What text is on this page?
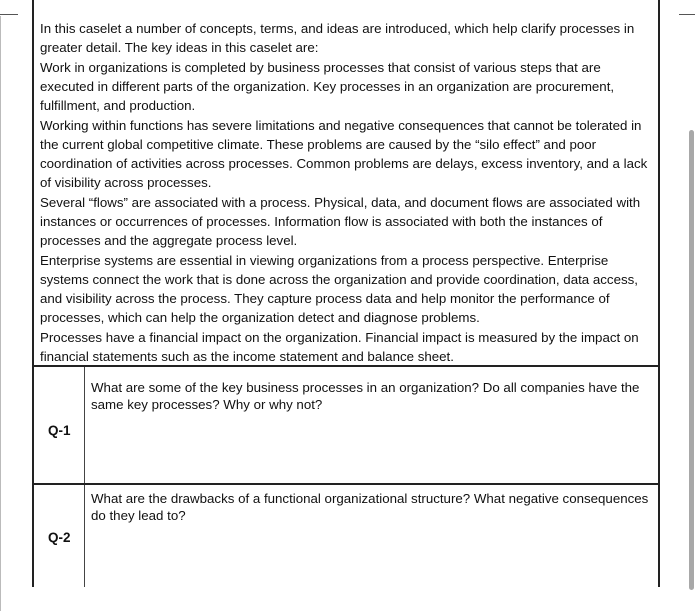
In this caselet a number of concepts, terms, and ideas are introduced, which help clarify processes in greater detail. The key ideas in this caselet are:

Work in organizations is completed by business processes that consist of various steps that are executed in different parts of the organization. Key processes in an organization are procurement, fulfillment, and production.

Working within functions has severe limitations and negative consequences that cannot be tolerated in the current global competitive climate. These problems are caused by the “silo effect” and poor coordination of activities across processes. Common problems are delays, excess inventory, and a lack of visibility across processes.

Several “flows” are associated with a process. Physical, data, and document flows are associated with instances or occurrences of processes. Information flow is associated with both the instances of processes and the aggregate process level.

Enterprise systems are essential in viewing organizations from a process perspective. Enterprise systems connect the work that is done across the organization and provide coordination, data access, and visibility across the process. They capture process data and help monitor the performance of processes, which can help the organization detect and diagnose problems.

Processes have a financial impact on the organization. Financial impact is measured by the impact on financial statements such as the income statement and balance sheet.

Q-1
What are some of the key business processes in an organization? Do all companies have the same key processes? Why or why not?
Q-2
What are the drawbacks of a functional organizational structure? What negative consequences do they lead to?
